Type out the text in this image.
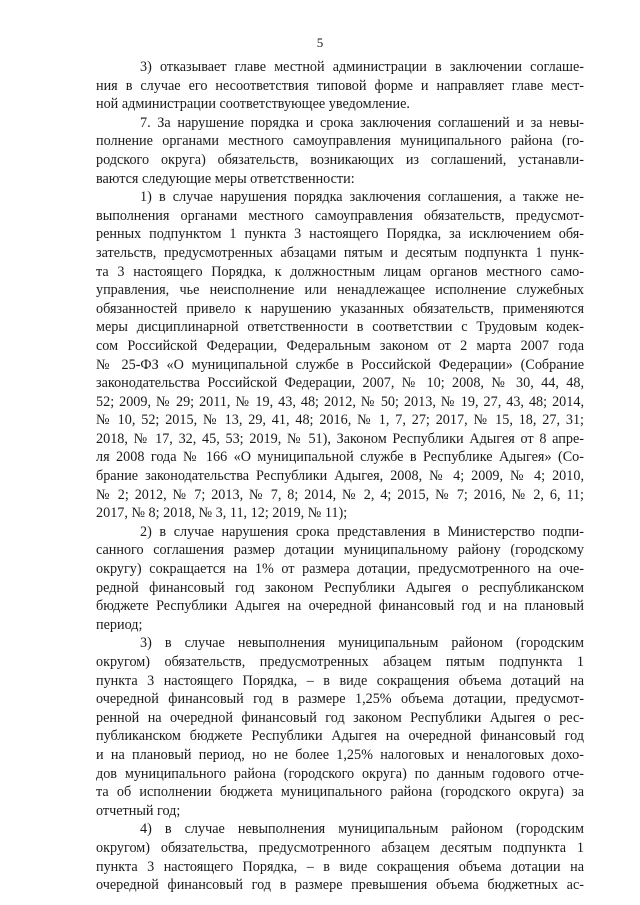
5
3) отказывает главе местной администрации в заключении соглаше-
ния в случае его несоответствия типовой форме и направляет главе мест-
ной администрации соответствующее уведомление.
7. За нарушение порядка и срока заключения соглашений и за невы-
полнение органами местного самоуправления муниципального района (го-
родского округа) обязательств, возникающих из соглашений, устанавли-
ваются следующие меры ответственности:
1) в случае нарушения порядка заключения соглашения, а также не-
выполнения органами местного самоуправления обязательств, предусмот-
ренных подпунктом 1 пункта 3 настоящего Порядка, за исключением обя-
зательств, предусмотренных абзацами пятым и десятым подпункта 1 пунк-
та 3 настоящего Порядка, к должностным лицам органов местного само-
управления, чье неисполнение или ненадлежащее исполнение служебных
обязанностей привело к нарушению указанных обязательств, применяются
меры дисциплинарной ответственности в соответствии с Трудовым кодек-
сом Российской Федерации, Федеральным законом от 2 марта 2007 года
№ 25-ФЗ «О муниципальной службе в Российской Федерации» (Собрание
законодательства Российской Федерации, 2007, № 10; 2008, № 30, 44, 48,
52; 2009, № 29; 2011, № 19, 43, 48; 2012, № 50; 2013, № 19, 27, 43, 48; 2014,
№ 10, 52; 2015, № 13, 29, 41, 48; 2016, № 1, 7, 27; 2017, № 15, 18, 27, 31;
2018, № 17, 32, 45, 53; 2019, № 51), Законом Республики Адыгея от 8 апре-
ля 2008 года № 166 «О муниципальной службе в Республике Адыгея» (Со-
брание законодательства Республики Адыгея, 2008, № 4; 2009, № 4; 2010,
№ 2; 2012, № 7; 2013, № 7, 8; 2014, № 2, 4; 2015, № 7; 2016, № 2, 6, 11;
2017, № 8; 2018, № 3, 11, 12; 2019, № 11);
2) в случае нарушения срока представления в Министерство подпи-
санного соглашения размер дотации муниципальному району (городскому
округу) сокращается на 1% от размера дотации, предусмотренного на оче-
редной финансовый год законом Республики Адыгея о республиканском
бюджете Республики Адыгея на очередной финансовый год и на плановый
период;
3) в случае невыполнения муниципальным районом (городским
округом) обязательств, предусмотренных абзацем пятым подпункта 1
пункта 3 настоящего Порядка, – в виде сокращения объема дотаций на
очередной финансовый год в размере 1,25% объема дотации, предусмот-
ренной на очередной финансовый год законом Республики Адыгея о рес-
публиканском бюджете Республики Адыгея на очередной финансовый год
и на плановый период, но не более 1,25% налоговых и неналоговых дохо-
дов муниципального района (городского округа) по данным годового отче-
та об исполнении бюджета муниципального района (городского округа) за
отчетный год;
4) в случае невыполнения муниципальным районом (городским
округом) обязательства, предусмотренного абзацем десятым подпункта 1
пункта 3 настоящего Порядка, – в виде сокращения объема дотации на
очередной финансовый год в размере превышения объема бюджетных ас-
